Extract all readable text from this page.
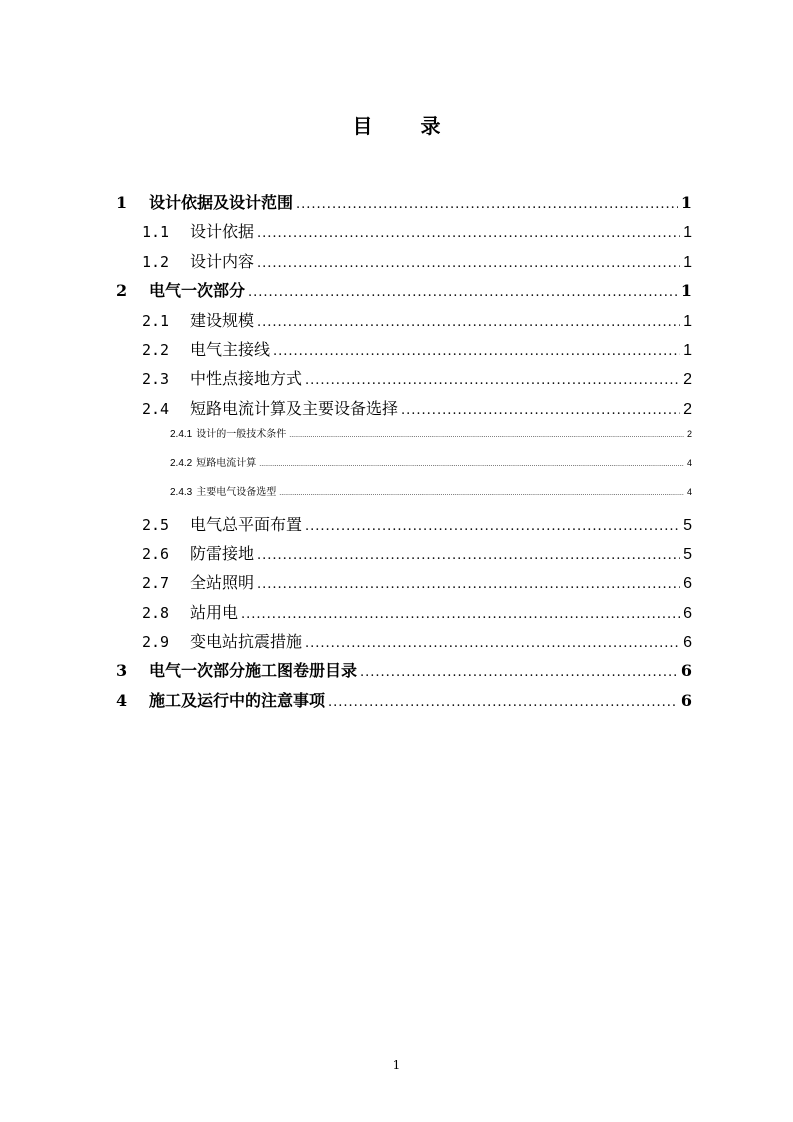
目 录
1	设计依据及设计范围 .....	1
1.1	设计依据 .....	1
1.2	设计内容 .....	1
2	电气一次部分 .....	1
2.1	建设规模 .....	1
2.2	电气主接线 .....	1
2.3	中性点接地方式 .....	2
2.4	短路电流计算及主要设备选择 .....	2
2.4.1 设计的一般技术条件 .....	2
2.4.2 短路电流计算 .....	4
2.4.3 主要电气设备选型 .....	4
2.5	电气总平面布置 .....	5
2.6	防雷接地 .....	5
2.7	全站照明 .....	6
2.8	站用电 .....	6
2.9	变电站抗震措施 .....	6
3	电气一次部分施工图卷册目录 .....	6
4	施工及运行中的注意事项 .....	6
1
